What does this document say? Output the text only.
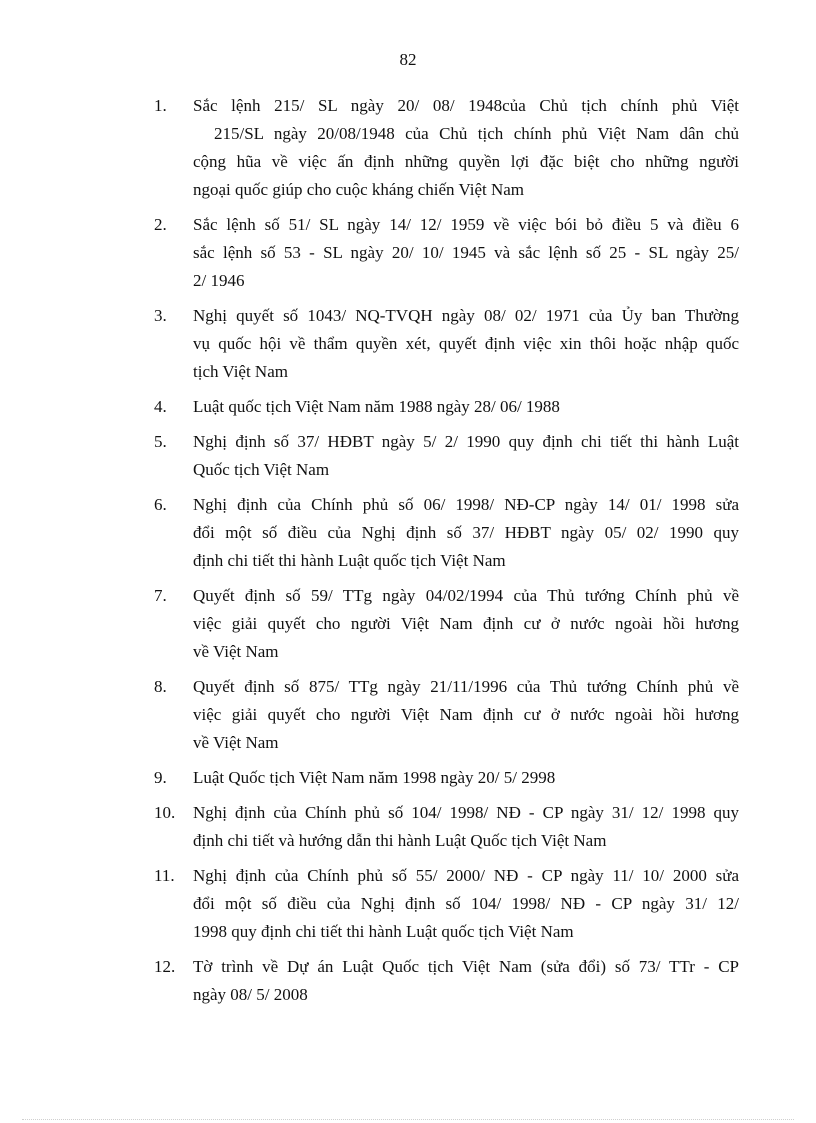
82
1.	Sắc lệnh 215/ SL ngày 20/ 08/ 1948của Chủ tịch chính phủ Việt
215/SL ngày 20/08/1948 của Chủ tịch chính phủ Việt Nam dân chủ
cộng hũa về việc ấn định những quyền lợi đặc biệt cho những người
ngoại quốc giúp cho cuộc kháng chiến Việt Nam
2.	Sắc lệnh số 51/ SL ngày 14/ 12/ 1959 về việc bói bỏ điều 5 và điều 6
sắc lệnh số 53 - SL ngày 20/ 10/ 1945 và sắc lệnh số 25 - SL ngày 25/
2/ 1946
3.	Nghị quyết số 1043/ NQ-TVQH ngày 08/ 02/ 1971 của Ủy ban Thường
vụ quốc hội về thẩm quyền xét, quyết định việc xin thôi hoặc nhập quốc
tịch Việt Nam
4.	Luật quốc tịch Việt Nam năm 1988 ngày 28/ 06/ 1988
5.	Nghị định số 37/ HĐBT ngày 5/ 2/ 1990 quy định chi tiết thi hành Luật
Quốc tịch Việt Nam
6.	Nghị định của Chính phủ số 06/ 1998/ NĐ-CP ngày 14/ 01/ 1998 sửa
đổi một số điều của Nghị định số 37/ HĐBT ngày 05/ 02/ 1990 quy
định chi tiết thi hành Luật quốc tịch Việt Nam
7.	Quyết định số 59/ TTg ngày 04/02/1994 của Thủ tướng Chính phủ về
việc giải quyết cho người Việt Nam định cư ở nước ngoài hồi hương
về Việt Nam
8.	Quyết định số 875/ TTg ngày 21/11/1996 của Thủ tướng Chính phủ về
việc giải quyết cho người Việt Nam định cư ở nước ngoài hồi hương
về Việt Nam
9.	Luật Quốc tịch Việt Nam năm 1998 ngày 20/ 5/ 2998
10.	Nghị định của Chính phủ số 104/ 1998/ NĐ - CP ngày 31/ 12/ 1998 quy
định chi tiết và hướng dẫn thi hành Luật Quốc tịch Việt Nam
11.	Nghị định của Chính phủ số 55/ 2000/ NĐ - CP ngày 11/ 10/ 2000 sửa
đổi một số điều của Nghị định số 104/ 1998/ NĐ - CP ngày 31/ 12/
1998 quy định chi tiết thi hành Luật quốc tịch Việt Nam
12.	Tờ trình về Dự án Luật Quốc tịch Việt Nam (sửa đổi) số 73/ TTr - CP
ngày 08/ 5/ 2008
